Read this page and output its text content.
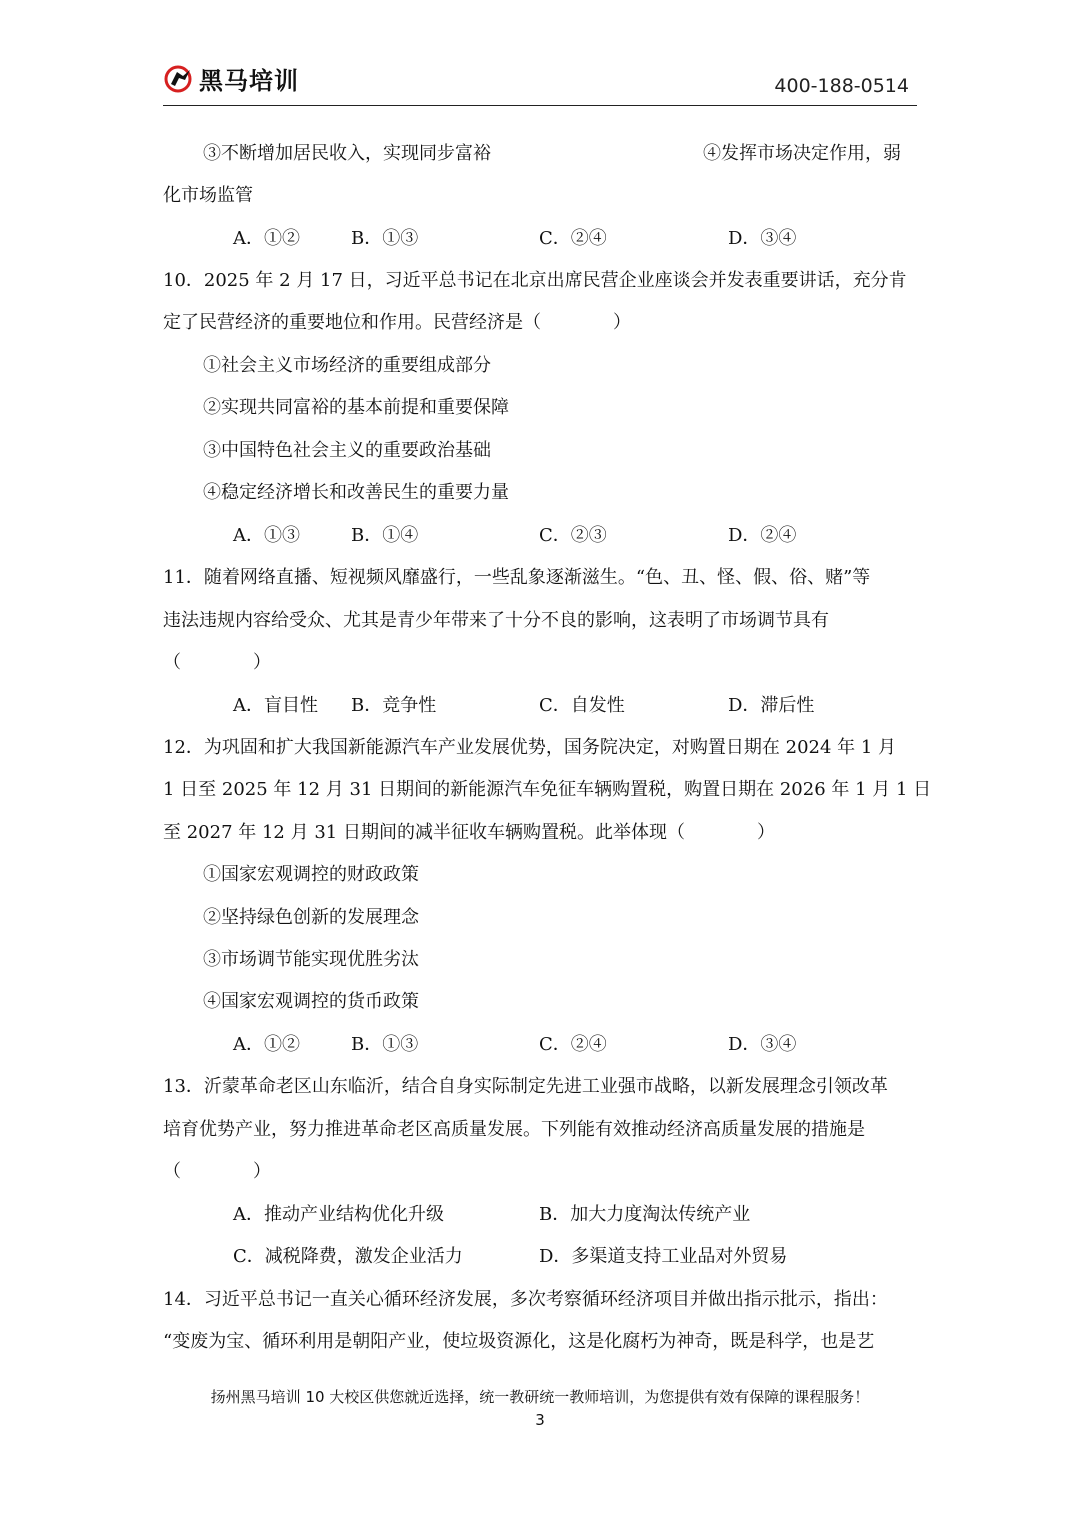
黑马培训	400-188-0514
③不断增加居民收入，实现同步富裕	④发挥市场决定作用，弱
化市场监管
A．①②	B．①③	C．②④	D．③④
10．2025 年 2 月 17 日，习近平总书记在北京出席民营企业座谈会并发表重要讲话，充分肯
定了民营经济的重要地位和作用。民营经济是（　　　　）
①社会主义市场经济的重要组成部分
②实现共同富裕的基本前提和重要保障
③中国特色社会主义的重要政治基础
④稳定经济增长和改善民生的重要力量
A．①③	B．①④	C．②③	D．②④
11．随着网络直播、短视频风靡盛行，一些乱象逐渐滋生。“色、丑、怪、假、俗、赌”等
违法违规内容给受众、尤其是青少年带来了十分不良的影响，这表明了市场调节具有
（　　　　）
A．盲目性 B．竞争性	C．自发性	D．滞后性
12．为巩固和扩大我国新能源汽车产业发展优势，国务院决定，对购置日期在 2024 年 1 月
1 日至 2025 年 12 月 31 日期间的新能源汽车免征车辆购置税，购置日期在 2026 年 1 月 1 日
至 2027 年 12 月 31 日期间的减半征收车辆购置税。此举体现（　　　　）
①国家宏观调控的财政政策
②坚持绿色创新的发展理念
③市场调节能实现优胜劣汰
④国家宏观调控的货币政策
A．①②	B．①③	C．②④	D．③④
13．沂蒙革命老区山东临沂，结合自身实际制定先进工业强市战略，以新发展理念引领改革
培育优势产业，努力推进革命老区高质量发展。下列能有效推动经济高质量发展的措施是
（　　　　）
A．推动产业结构优化升级	B．加大力度淘汰传统产业
C．减税降费，激发企业活力	D．多渠道支持工业品对外贸易
14．习近平总书记一直关心循环经济发展，多次考察循环经济项目并做出指示批示，指出：
“变废为宝、循环利用是朝阳产业，使垃圾资源化，这是化腐朽为神奇，既是科学，也是艺
扬州黑马培训 10 大校区供您就近选择，统一教研统一教师培训，为您提供有效有保障的课程服务！
3
